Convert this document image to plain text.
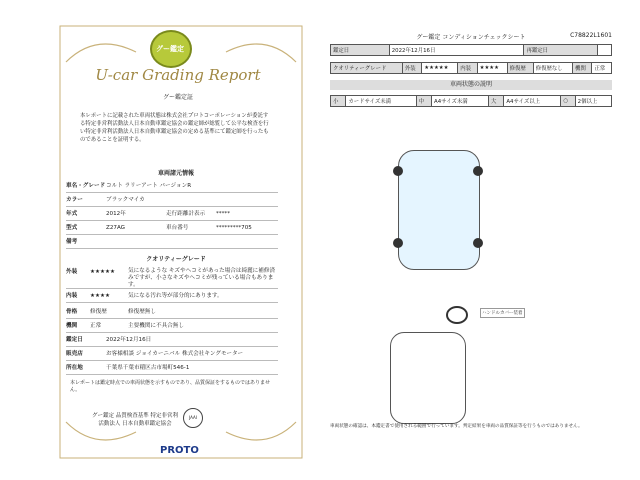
グー鑑定
U-car Grading Report
グー鑑定証
本レポートに記載された車両状態は株式会社プロトコーポレーションが委託する特定非営利活動法人日本自動車鑑定協会の鑑定師が総覧して公平な検査を行い特定非営利活動法人日本自動車鑑定協会の定める基準にて鑑定師を行ったものであることを証明する。
車両諸元情報
車名・グレード コルト ラリーアート バージョンR
カラー	ブラックマイカ
年式	2012年	走行距離計表示 *****
型式	Z27AG	車台番号	*********705
備考
クオリティーグレード
外装 ★★★★★ 気になるような キズやヘコミがあった場合は綺麗に補修済みですが、小さなキズやヘコミが残っている場合もあります。
内装 ★★★★	気になる汚れ等が部分的にあります。
骨格 修復歴	修復歴無し
機関 正常	主要機関に不具合無し
鑑定日	2022年12月16日
販売店	お客様相談 ジョイカーニバル 株式会社キングモーター
所在地	千葉県千葉市稲区古市場町546-1
本レポートは鑑定時点での車両状態を示すものであり、品質保証をするものではありません。
グー鑑定 品質検査基準 特定非営利活動法人 日本自動車鑑定協会
JAAI
PROTO
グー鑑定 コンディションチェックシート	C78822L1601
鑑定日	2022年12月16日	再鑑定日	
クオリティーグレード	外装	★★★★★	内装	★★★★	修復歴	修復歴なし	機関	正常
車両状態の説明
小	カードサイズ未満	中	A4サイズ未満	大	A4サイズ以上	○	2個以上
ハンドルカバー装着
車両状態の確認は、本鑑定書で使用される範囲で行っています。判定結果を車両の品質保証等を行うものではありません。
